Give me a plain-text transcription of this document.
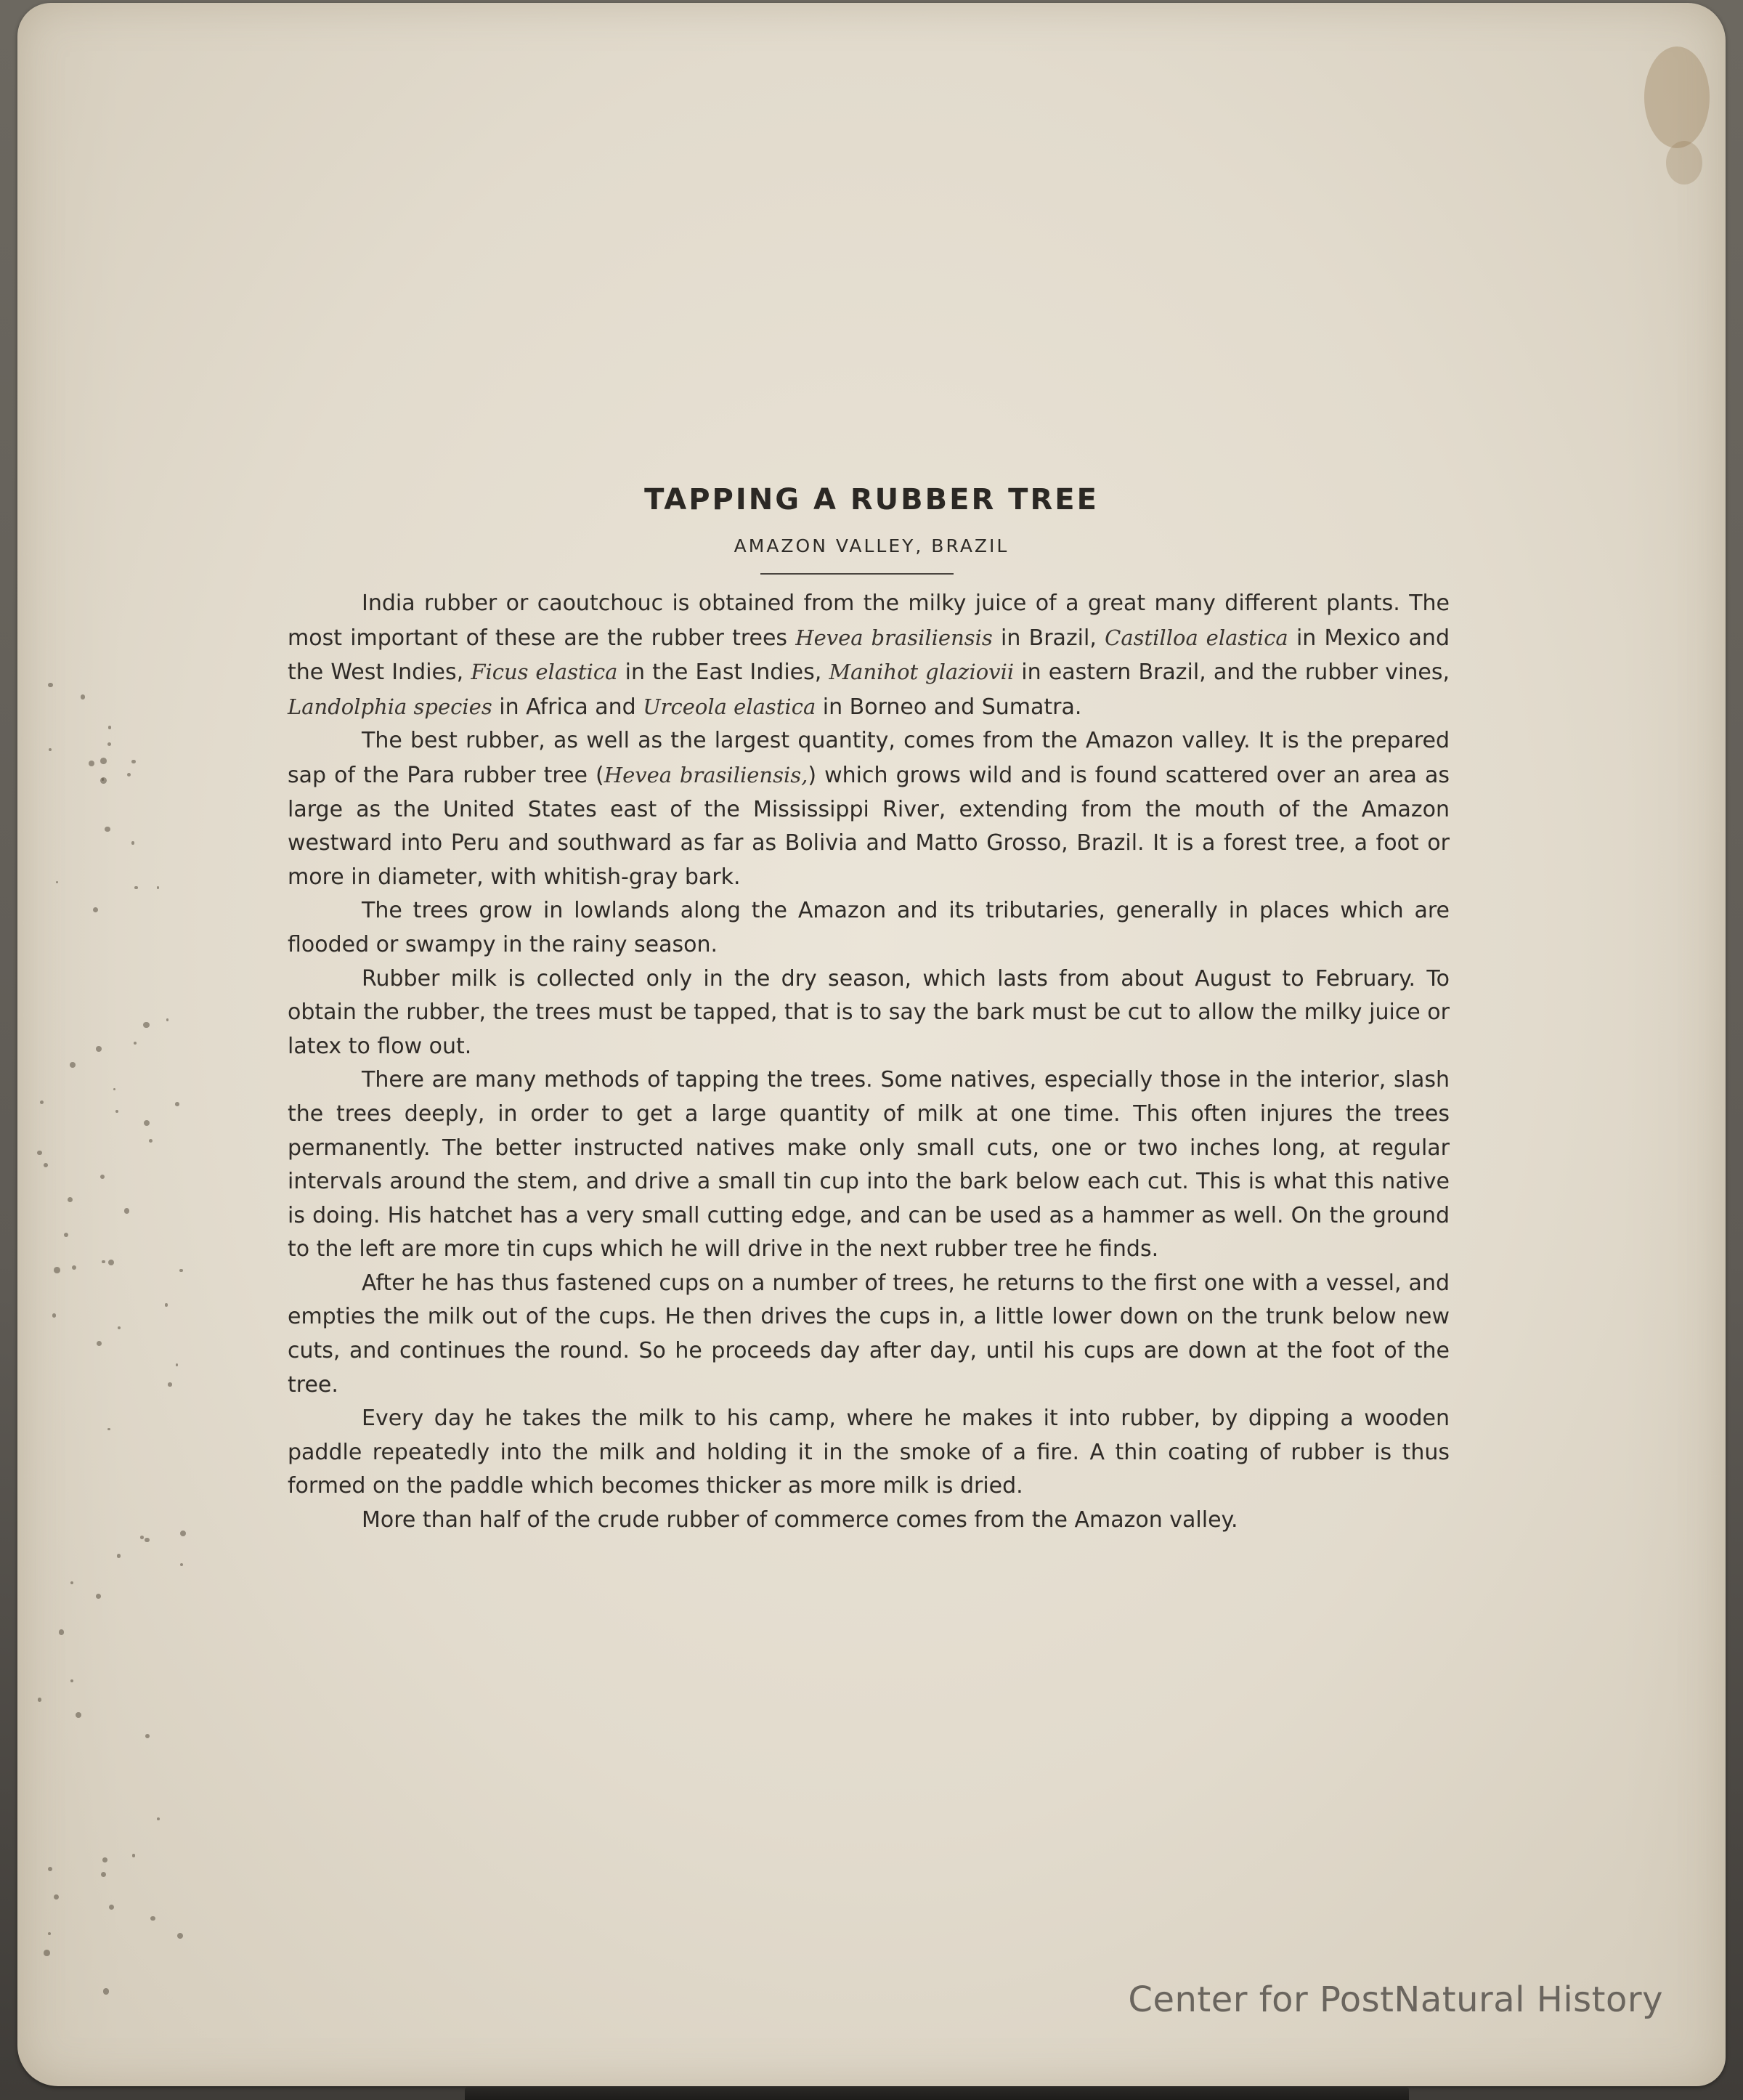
TAPPING A RUBBER TREE
AMAZON VALLEY, BRAZIL

India rubber or caoutchouc is obtained from the milky juice of a great many different plants. The most important of these are the rubber trees Hevea brasiliensis in Brazil, Castilloa elastica in Mexico and the West Indies, Ficus elastica in the East Indies, Manihot glaziovii in eastern Brazil, and the rubber vines, Landolphia species in Africa and Urceola elastica in Borneo and Sumatra.

The best rubber, as well as the largest quantity, comes from the Amazon valley. It is the prepared sap of the Para rubber tree (Hevea brasiliensis,) which grows wild and is found scattered over an area as large as the United States east of the Mississippi River, extending from the mouth of the Amazon westward into Peru and southward as far as Bolivia and Matto Grosso, Brazil. It is a forest tree, a foot or more in diameter, with whitish-gray bark.

The trees grow in lowlands along the Amazon and its tributaries, generally in places which are flooded or swampy in the rainy season.

Rubber milk is collected only in the dry season, which lasts from about August to February. To obtain the rubber, the trees must be tapped, that is to say the bark must be cut to allow the milky juice or latex to flow out.

There are many methods of tapping the trees. Some natives, especially those in the interior, slash the trees deeply, in order to get a large quantity of milk at one time. This often injures the trees permanently. The better instructed natives make only small cuts, one or two inches long, at regular intervals around the stem, and drive a small tin cup into the bark below each cut. This is what this native is doing. His hatchet has a very small cutting edge, and can be used as a hammer as well. On the ground to the left are more tin cups which he will drive in the next rubber tree he finds.

After he has thus fastened cups on a number of trees, he returns to the first one with a vessel, and empties the milk out of the cups. He then drives the cups in, a little lower down on the trunk below new cuts, and continues the round. So he proceeds day after day, until his cups are down at the foot of the tree.

Every day he takes the milk to his camp, where he makes it into rubber, by dipping a wooden paddle repeatedly into the milk and holding it in the smoke of a fire. A thin coating of rubber is thus formed on the paddle which becomes thicker as more milk is dried.

More than half of the crude rubber of commerce comes from the Amazon valley.

Center for PostNatural History
